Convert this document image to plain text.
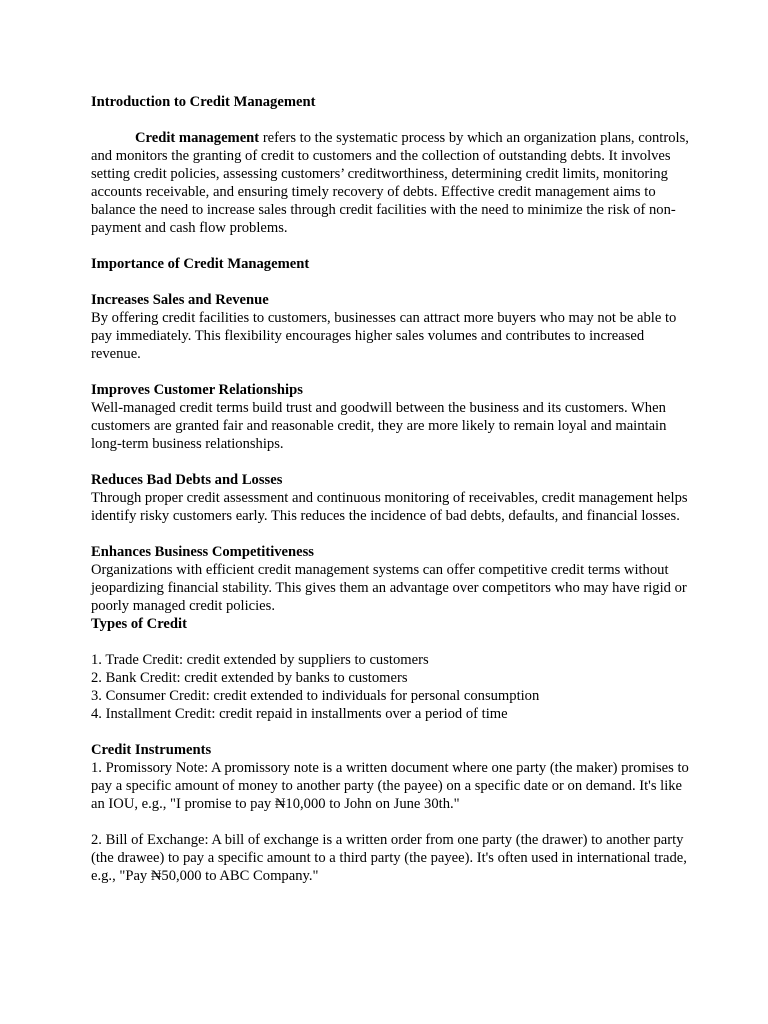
Introduction to Credit Management

Credit management refers to the systematic process by which an organization plans, controls, and monitors the granting of credit to customers and the collection of outstanding debts. It involves setting credit policies, assessing customers’ creditworthiness, determining credit limits, monitoring accounts receivable, and ensuring timely recovery of debts. Effective credit management aims to balance the need to increase sales through credit facilities with the need to minimize the risk of non-payment and cash flow problems.

Importance of Credit Management

Increases Sales and Revenue

By offering credit facilities to customers, businesses can attract more buyers who may not be able to pay immediately. This flexibility encourages higher sales volumes and contributes to increased revenue.

Improves Customer Relationships

Well-managed credit terms build trust and goodwill between the business and its customers. When customers are granted fair and reasonable credit, they are more likely to remain loyal and maintain long-term business relationships.

Reduces Bad Debts and Losses

Through proper credit assessment and continuous monitoring of receivables, credit management helps identify risky customers early. This reduces the incidence of bad debts, defaults, and financial losses.

Enhances Business Competitiveness

Organizations with efficient credit management systems can offer competitive credit terms without jeopardizing financial stability. This gives them an advantage over competitors who may have rigid or poorly managed credit policies.

Types of Credit

1. Trade Credit: credit extended by suppliers to customers
2. Bank Credit: credit extended by banks to customers
3. Consumer Credit: credit extended to individuals for personal consumption
4. Installment Credit: credit repaid in installments over a period of time

Credit Instruments

1. Promissory Note: A promissory note is a written document where one party (the maker) promises to pay a specific amount of money to another party (the payee) on a specific date or on demand. It's like an IOU, e.g., "I promise to pay ₦10,000 to John on June 30th."

2. Bill of Exchange: A bill of exchange is a written order from one party (the drawer) to another party (the drawee) to pay a specific amount to a third party (the payee). It's often used in international trade, e.g., "Pay ₦50,000 to ABC Company."
